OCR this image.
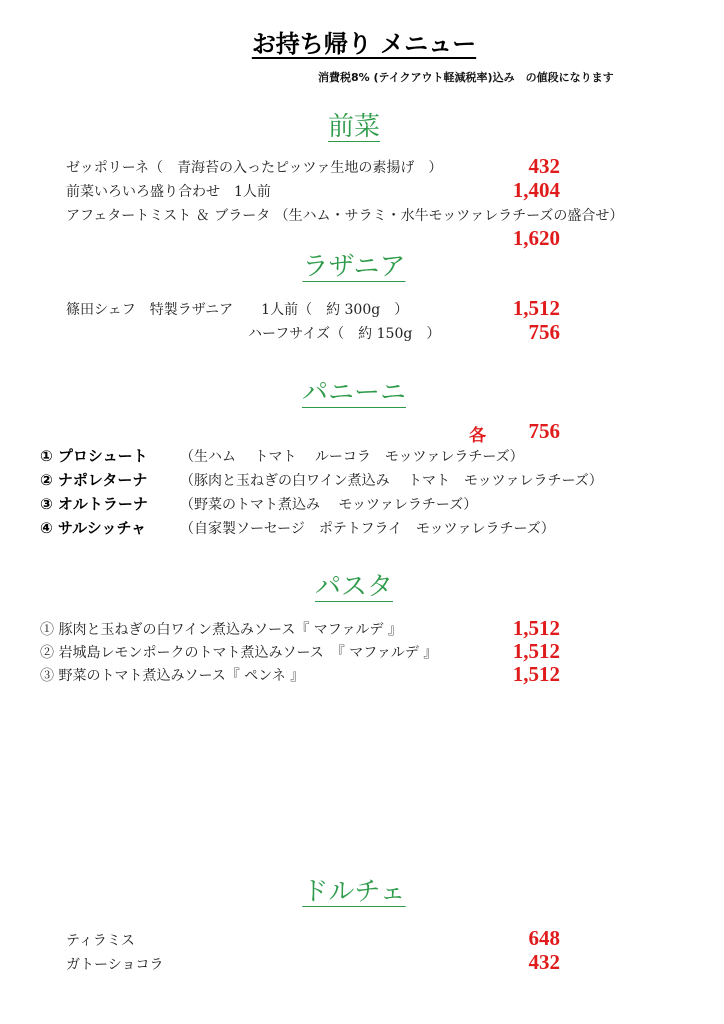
お持ち帰り メニュー
消費税8% (テイクアウト軽減税率)込み　の値段になります
前菜
ゼッポリーネ（　青海苔の入ったピッツァ生地の素揚げ　）	432
前菜いろいろ盛り合わせ　1人前	1,404
アフェタートミスト ＆ ブラータ （生ハム・サラミ・水牛モッツァレラチーズの盛合せ）
1,620
ラザニア
篠田シェフ　特製ラザニア　　1人前（　約 300g　）	1,512
ハーフサイズ（　約 150g　）	756
パニーニ
各	756
① プロシュート （生ハム　 トマト　 ルーコラ　モッツァレラチーズ）
② ナポレターナ （豚肉と玉ねぎの白ワイン煮込み　 トマト　モッツァレラチーズ）
③ オルトラーナ （野菜のトマト煮込み　 モッツァレラチーズ）
④ サルシッチャ （自家製ソーセージ　ポテトフライ　モッツァレラチーズ）
パスタ
① 豚肉と玉ねぎの白ワイン煮込みソース『 マファルデ 』	1,512
② 岩城島レモンポークのトマト煮込みソース　『 マファルデ 』	1,512
③ 野菜のトマト煮込みソース『 ペンネ 』	1,512
ドルチェ
ティラミス	648
ガトーショコラ	432
